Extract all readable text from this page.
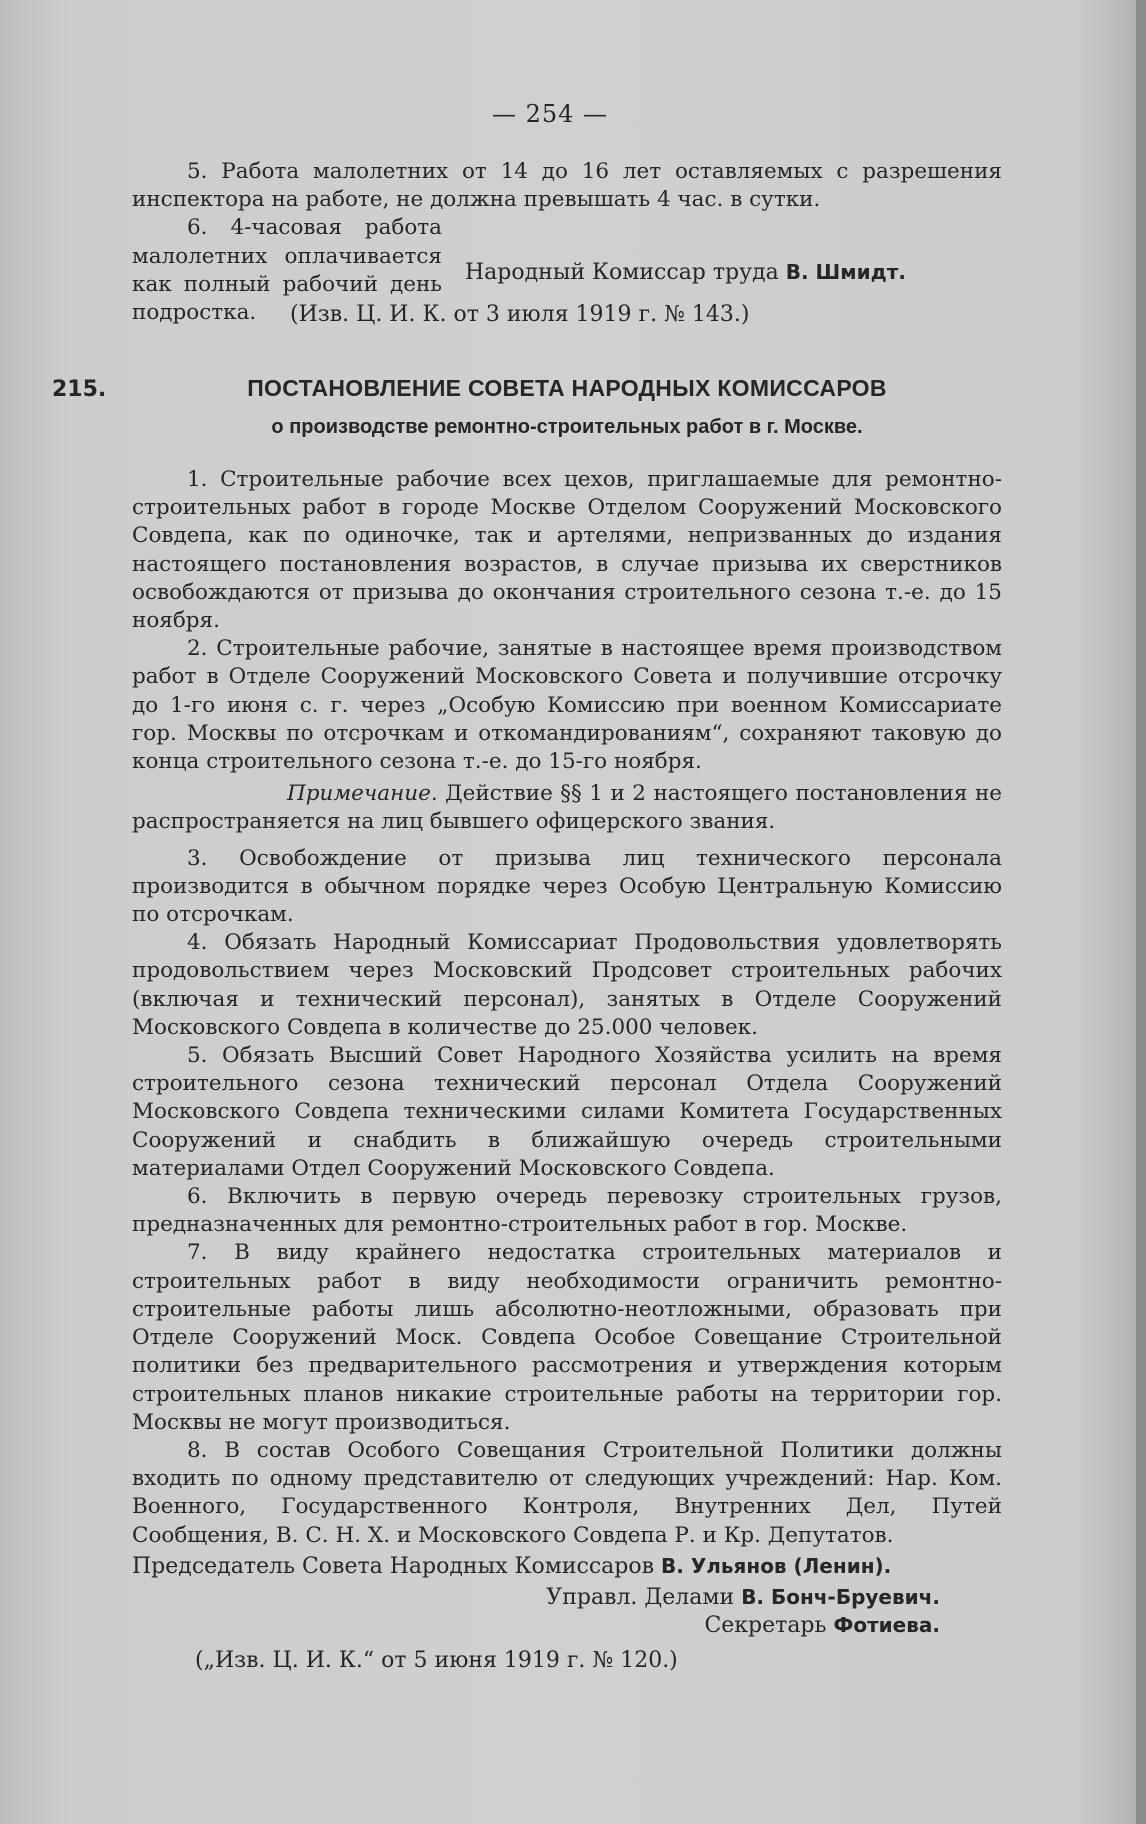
— 254 —

5. Работа малолетних от 14 до 16 лет оставляемых с разрешения инспектора на работе, не должна превышать 4 час. в сутки.

6. 4-часовая работа малолетних оплачивается как полный рабочий день подростка.

Народный Комиссар труда В. Шмидт.
(Изв. Ц. И. К. от 3 июля 1919 г. № 143.)
215.	ПОСТАНОВЛЕНИЕ СОВЕТА НАРОДНЫХ КОМИССАРОВ
о производстве ремонтно-строительных работ в г. Москве.

1. Строительные рабочие всех цехов, приглашаемые для ремонтно-строительных работ в городе Москве Отделом Сооружений Московского Совдепа, как по одиночке, так и артелями, непризванных до издания настоящего постановления возрастов, в случае призыва их сверстников освобождаются от призыва до окончания строительного сезона т.-е. до 15 ноября.

2. Строительные рабочие, занятые в настоящее время производством работ в Отделе Сооружений Московского Совета и получившие отсрочку до 1-го июня с. г. через „Особую Комиссию при военном Комиссариате гор. Москвы по отсрочкам и откомандированиям“, сохраняют таковую до конца строительного сезона т.-е. до 15-го ноября.

Примечание. Действие §§ 1 и 2 настоящего постановления не распространяется на лиц бывшего офицерского звания.

3. Освобождение от призыва лиц технического персонала производится в обычном порядке через Особую Центральную Комиссию по отсрочкам.

4. Обязать Народный Комиссариат Продовольствия удовлетворять продовольствием через Московский Продсовет строительных рабочих (включая и технический персонал), занятых в Отделе Сооружений Московского Совдепа в количестве до 25.000 человек.

5. Обязать Высший Совет Народного Хозяйства усилить на время строительного сезона технический персонал Отдела Сооружений Московского Совдепа техническими силами Комитета Государственных Сооружений и снабдить в ближайшую очередь строительными материалами Отдел Сооружений Московского Совдепа.

6. Включить в первую очередь перевозку строительных грузов, предназначенных для ремонтно-строительных работ в гор. Москве.

7. В виду крайнего недостатка строительных материалов и строительных работ в виду необходимости ограничить ремонтно-строительные работы лишь абсолютно-неотложными, образовать при Отделе Сооружений Моск. Совдепа Особое Совещание Строительной политики без предварительного рассмотрения и утверждения которым строительных планов никакие строительные работы на территории гор. Москвы не могут производиться.

8. В состав Особого Совещания Строительной Политики должны входить по одному представителю от следующих учреждений: Нар. Ком. Военного, Государственного Контроля, Внутренних Дел, Путей Сообщения, В. С. Н. Х. и Московского Совдепа Р. и Кр. Депутатов.

Председатель Совета Народных Комиссаров В. Ульянов (Ленин).
Управл. Делами В. Бонч-Бруевич.
Секретарь Фотиева.
(„Изв. Ц. И. К.“ от 5 июня 1919 г. № 120.)
